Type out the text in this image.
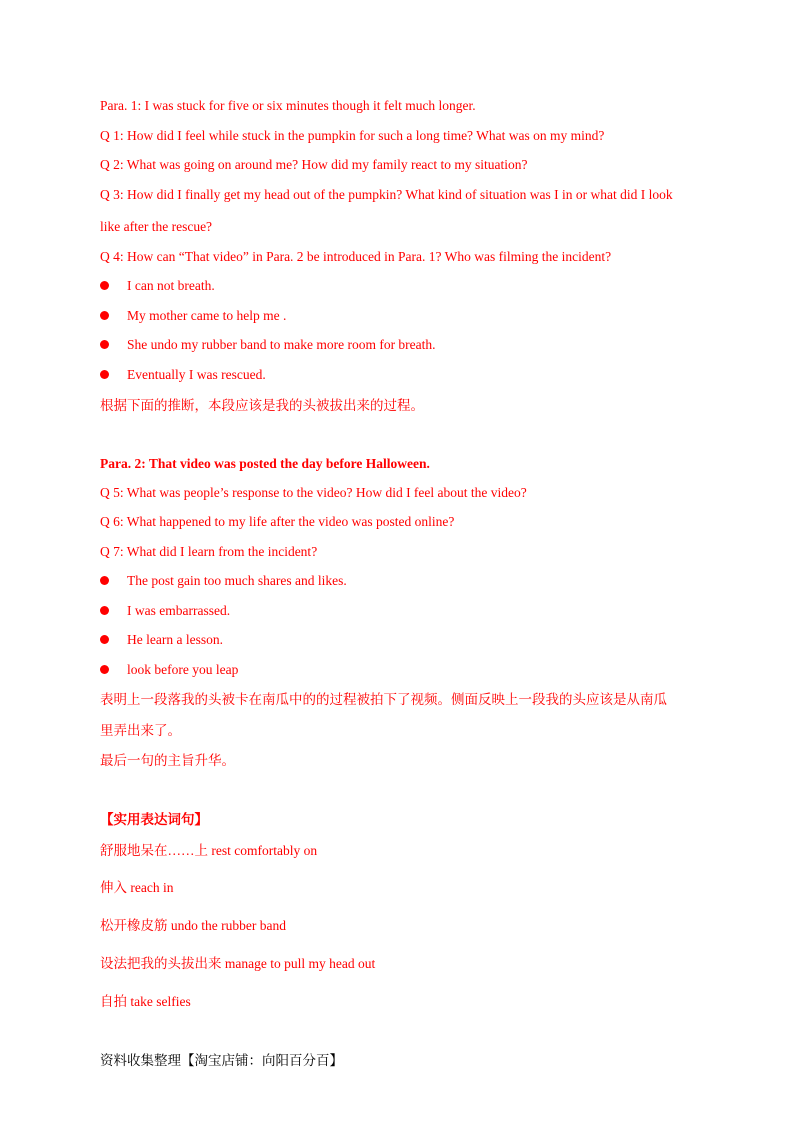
Para. 1: I was stuck for five or six minutes though it felt much longer.
Q 1: How did I feel while stuck in the pumpkin for such a long time? What was on my mind?
Q 2: What was going on around me? How did my family react to my situation?
Q 3: How did I finally get my head out of the pumpkin? What kind of situation was I in or what did I look
like after the rescue?
Q 4: How can “That video” in Para. 2 be introduced in Para. 1? Who was filming the incident?
I can not breath.
My mother came to help me .
She undo my rubber band to make more room for breath.
Eventually I was rescued.
根据下面的推断，本段应该是我的头被拔出来的过程。
Para. 2: That video was posted the day before Halloween.
Q 5: What was people’s response to the video? How did I feel about the video?
Q 6: What happened to my life after the video was posted online?
Q 7: What did I learn from the incident?
The post gain too much shares and likes.
I was embarrassed.
He learn a lesson.
look before you leap
表明上一段落我的头被卡在南瓜中的的过程被拍下了视频。侧面反映上一段我的头应该是从南瓜
里弄出来了。
最后一句的主旨升华。
【实用表达词句】
舒服地呆在……上 rest comfortably on
伸入 reach in
松开橡皮筋 undo the rubber band
设法把我的头拔出来 manage to pull my head out
自拍 take selfies
资料收集整理【淘宝店铺：向阳百分百】
